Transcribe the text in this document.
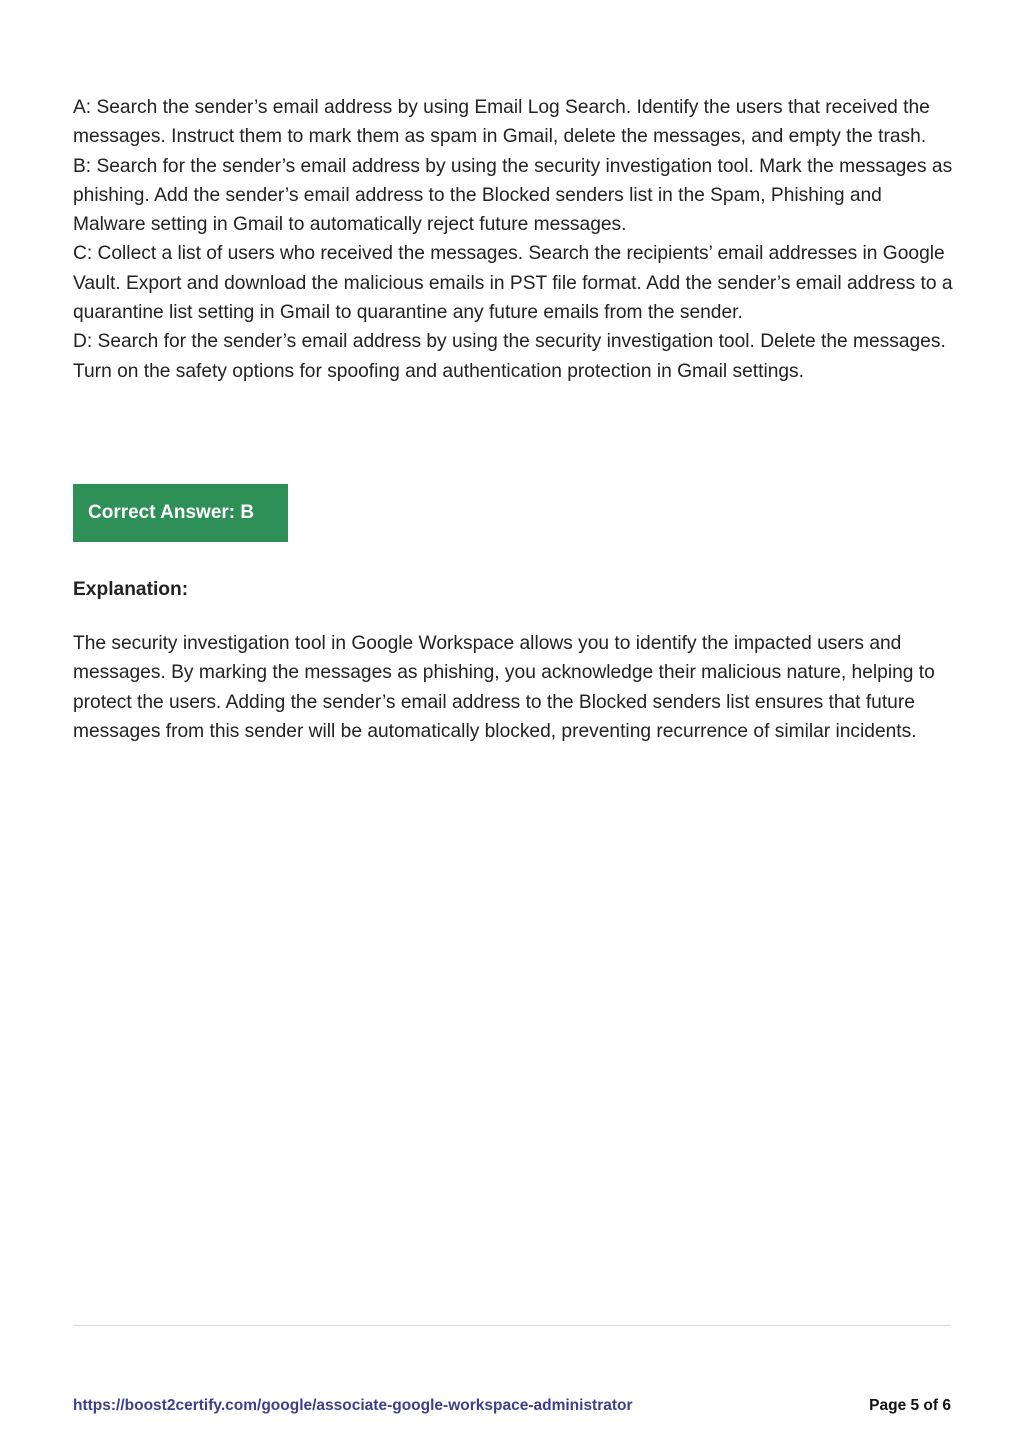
A: Search the sender’s email address by using Email Log Search. Identify the users that received the messages. Instruct them to mark them as spam in Gmail, delete the messages, and empty the trash.

B: Search for the sender’s email address by using the security investigation tool. Mark the messages as phishing. Add the sender’s email address to the Blocked senders list in the Spam, Phishing and Malware setting in Gmail to automatically reject future messages.

C: Collect a list of users who received the messages. Search the recipients’ email addresses in Google Vault. Export and download the malicious emails in PST file format. Add the sender’s email address to a quarantine list setting in Gmail to quarantine any future emails from the sender.

D: Search for the sender’s email address by using the security investigation tool. Delete the messages. Turn on the safety options for spoofing and authentication protection in Gmail settings.

Correct Answer: B
Explanation:

The security investigation tool in Google Workspace allows you to identify the impacted users and messages. By marking the messages as phishing, you acknowledge their malicious nature, helping to protect the users. Adding the sender’s email address to the Blocked senders list ensures that future messages from this sender will be automatically blocked, preventing recurrence of similar incidents.

https://boost2certify.com/google/associate-google-workspace-administrator	Page 5 of 6
